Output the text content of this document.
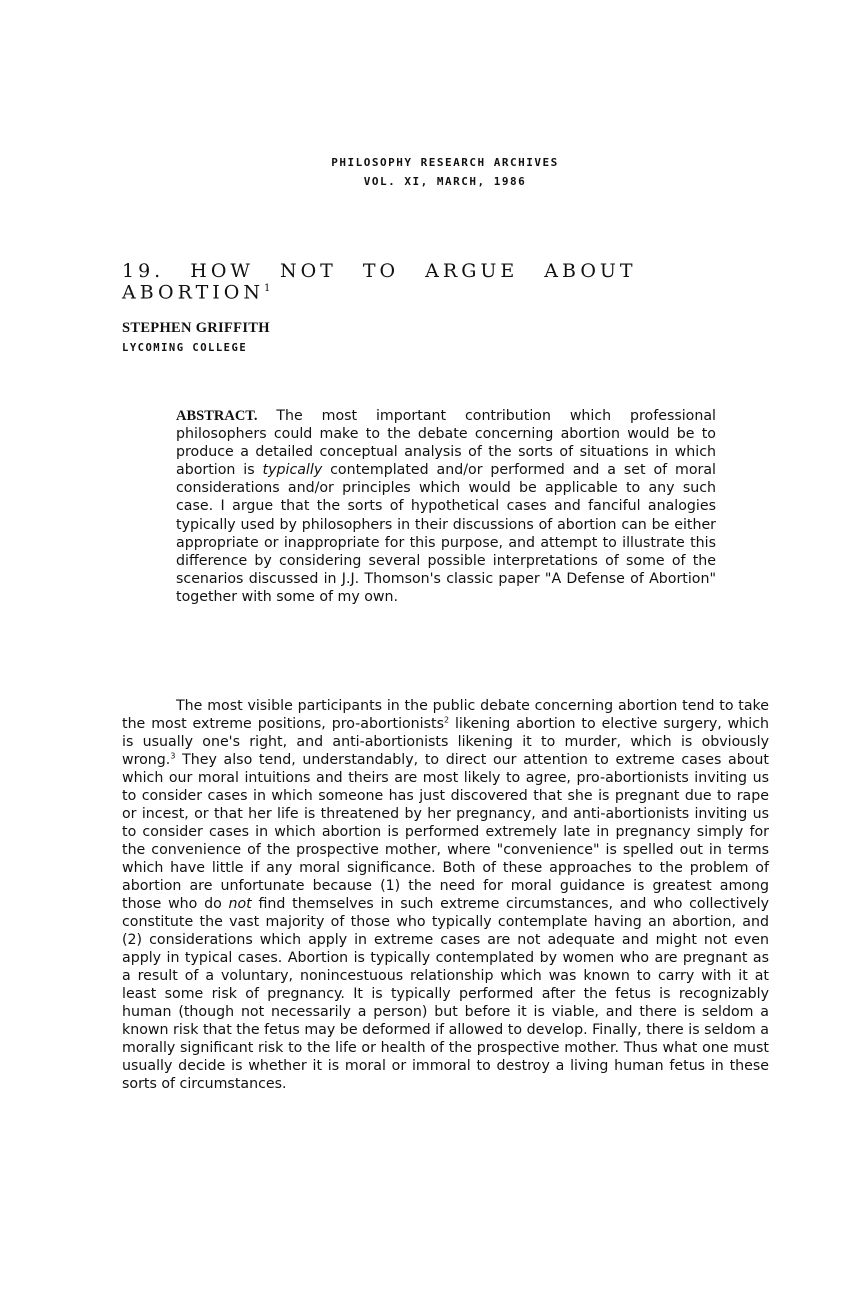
PHILOSOPHY RESEARCH ARCHIVES
VOL. XI, MARCH, 1986
19. HOW NOT TO ARGUE ABOUT ABORTION$^1$
STEPHEN GRIFFITH
LYCOMING COLLEGE

ABSTRACT. The most important contribution which professional philosophers could make to the debate concerning abortion would be to produce a detailed conceptual analysis of the sorts of situations in which abortion is typically contemplated and/or performed and a set of moral considerations and/or principles which would be applicable to any such case. I argue that the sorts of hypothetical cases and fanciful analogies typically used by philosophers in their discussions of abortion can be either appropriate or inappropriate for this purpose, and attempt to illustrate this difference by considering several possible interpretations of some of the scenarios discussed in J.J. Thomson's classic paper "A Defense of Abortion" together with some of my own.

The most visible participants in the public debate concerning abortion tend to take the most extreme positions, pro-abortionists$^2$ likening abortion to elective surgery, which is usually one's right, and anti-abortionists likening it to murder, which is obviously wrong.$^3$ They also tend, understandably, to direct our attention to extreme cases about which our moral intuitions and theirs are most likely to agree, pro-abortionists inviting us to consider cases in which someone has just discovered that she is pregnant due to rape or incest, or that her life is threatened by her pregnancy, and anti-abortionists inviting us to consider cases in which abortion is performed extremely late in pregnancy simply for the convenience of the prospective mother, where "convenience" is spelled out in terms which have little if any moral significance. Both of these approaches to the problem of abortion are unfortunate because (1) the need for moral guidance is greatest among those who do not find themselves in such extreme circumstances, and who collectively constitute the vast majority of those who typically contemplate having an abortion, and (2) considerations which apply in extreme cases are not adequate and might not even apply in typical cases. Abortion is typically contemplated by women who are pregnant as a result of a voluntary, nonincestuous relationship which was known to carry with it at least some risk of pregnancy. It is typically performed after the fetus is recognizably human (though not necessarily a person) but before it is viable, and there is seldom a known risk that the fetus may be deformed if allowed to develop. Finally, there is seldom a morally significant risk to the life or health of the prospective mother. Thus what one must usually decide is whether it is moral or immoral to destroy a living human fetus in these sorts of circumstances.
